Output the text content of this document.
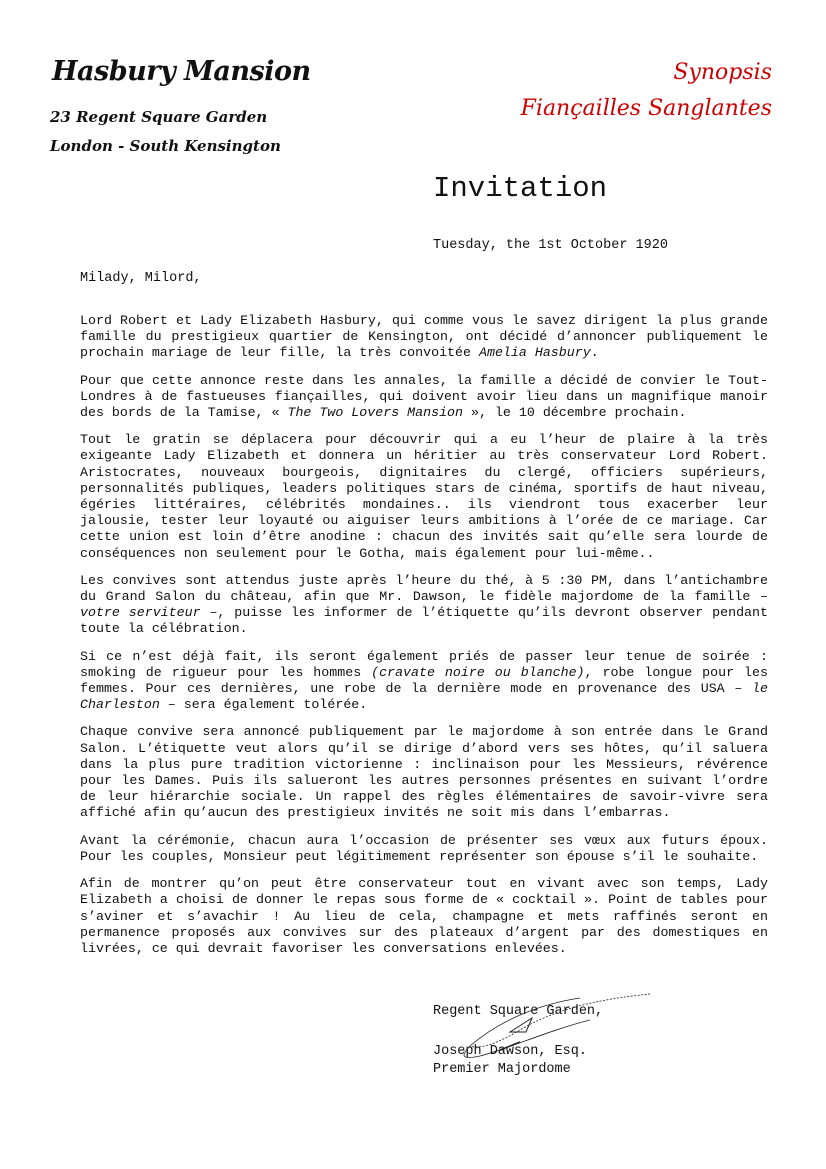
Hasbury Mansion
23 Regent Square Garden
London - South Kensington
Synopsis
Fiançailles Sanglantes
Invitation
Tuesday, the 1st October 1920
Milady, Milord,

Lord Robert et Lady Elizabeth Hasbury, qui comme vous le savez dirigent la plus grande famille du prestigieux quartier de Kensington, ont décidé d’annoncer publiquement le prochain mariage de leur fille, la très convoitée Amelia Hasbury.

Pour que cette annonce reste dans les annales, la famille a décidé de convier le Tout-Londres à de fastueuses fiançailles, qui doivent avoir lieu dans un magnifique manoir des bords de la Tamise, « The Two Lovers Mansion », le 10 décembre prochain.

Tout le gratin se déplacera pour découvrir qui a eu l’heur de plaire à la très exigeante Lady Elizabeth et donnera un héritier au très conservateur Lord Robert. Aristocrates, nouveaux bourgeois, dignitaires du clergé, officiers supérieurs, personnalités publiques, leaders politiques stars de cinéma, sportifs de haut niveau, égéries littéraires, célébrités mondaines.. ils viendront tous exacerber leur jalousie, tester leur loyauté ou aiguiser leurs ambitions à l’orée de ce mariage. Car cette union est loin d’être anodine : chacun des invités sait qu’elle sera lourde de conséquences non seulement pour le Gotha, mais également pour lui-même..

Les convives sont attendus juste après l’heure du thé, à 5 :30 PM, dans l’antichambre du Grand Salon du château, afin que Mr. Dawson, le fidèle majordome de la famille – votre serviteur –, puisse les informer de l’étiquette qu’ils devront observer pendant toute la célébration.

Si ce n’est déjà fait, ils seront également priés de passer leur tenue de soirée : smoking de rigueur pour les hommes (cravate noire ou blanche), robe longue pour les femmes. Pour ces dernières, une robe de la dernière mode en provenance des USA – le Charleston – sera également tolérée.

Chaque convive sera annoncé publiquement par le majordome à son entrée dans le Grand Salon. L’étiquette veut alors qu’il se dirige d’abord vers ses hôtes, qu’il saluera dans la plus pure tradition victorienne : inclinaison pour les Messieurs, révérence pour les Dames. Puis ils salueront les autres personnes présentes en suivant l’ordre de leur hiérarchie sociale. Un rappel des règles élémentaires de savoir-vivre sera affiché afin qu’aucun des prestigieux invités ne soit mis dans l’embarras.

Avant la cérémonie, chacun aura l’occasion de présenter ses vœux aux futurs époux. Pour les couples, Monsieur peut légitimement représenter son épouse s’il le souhaite.

Afin de montrer qu’on peut être conservateur tout en vivant avec son temps, Lady Elizabeth a choisi de donner le repas sous forme de « cocktail ». Point de tables pour s’aviner et s’avachir ! Au lieu de cela, champagne et mets raffinés seront en permanence proposés aux convives sur des plateaux d’argent par des domestiques en livrées, ce qui devrait favoriser les conversations enlevées.

Regent Square Garden,
Joseph Dawson, Esq.
Premier Majordome
